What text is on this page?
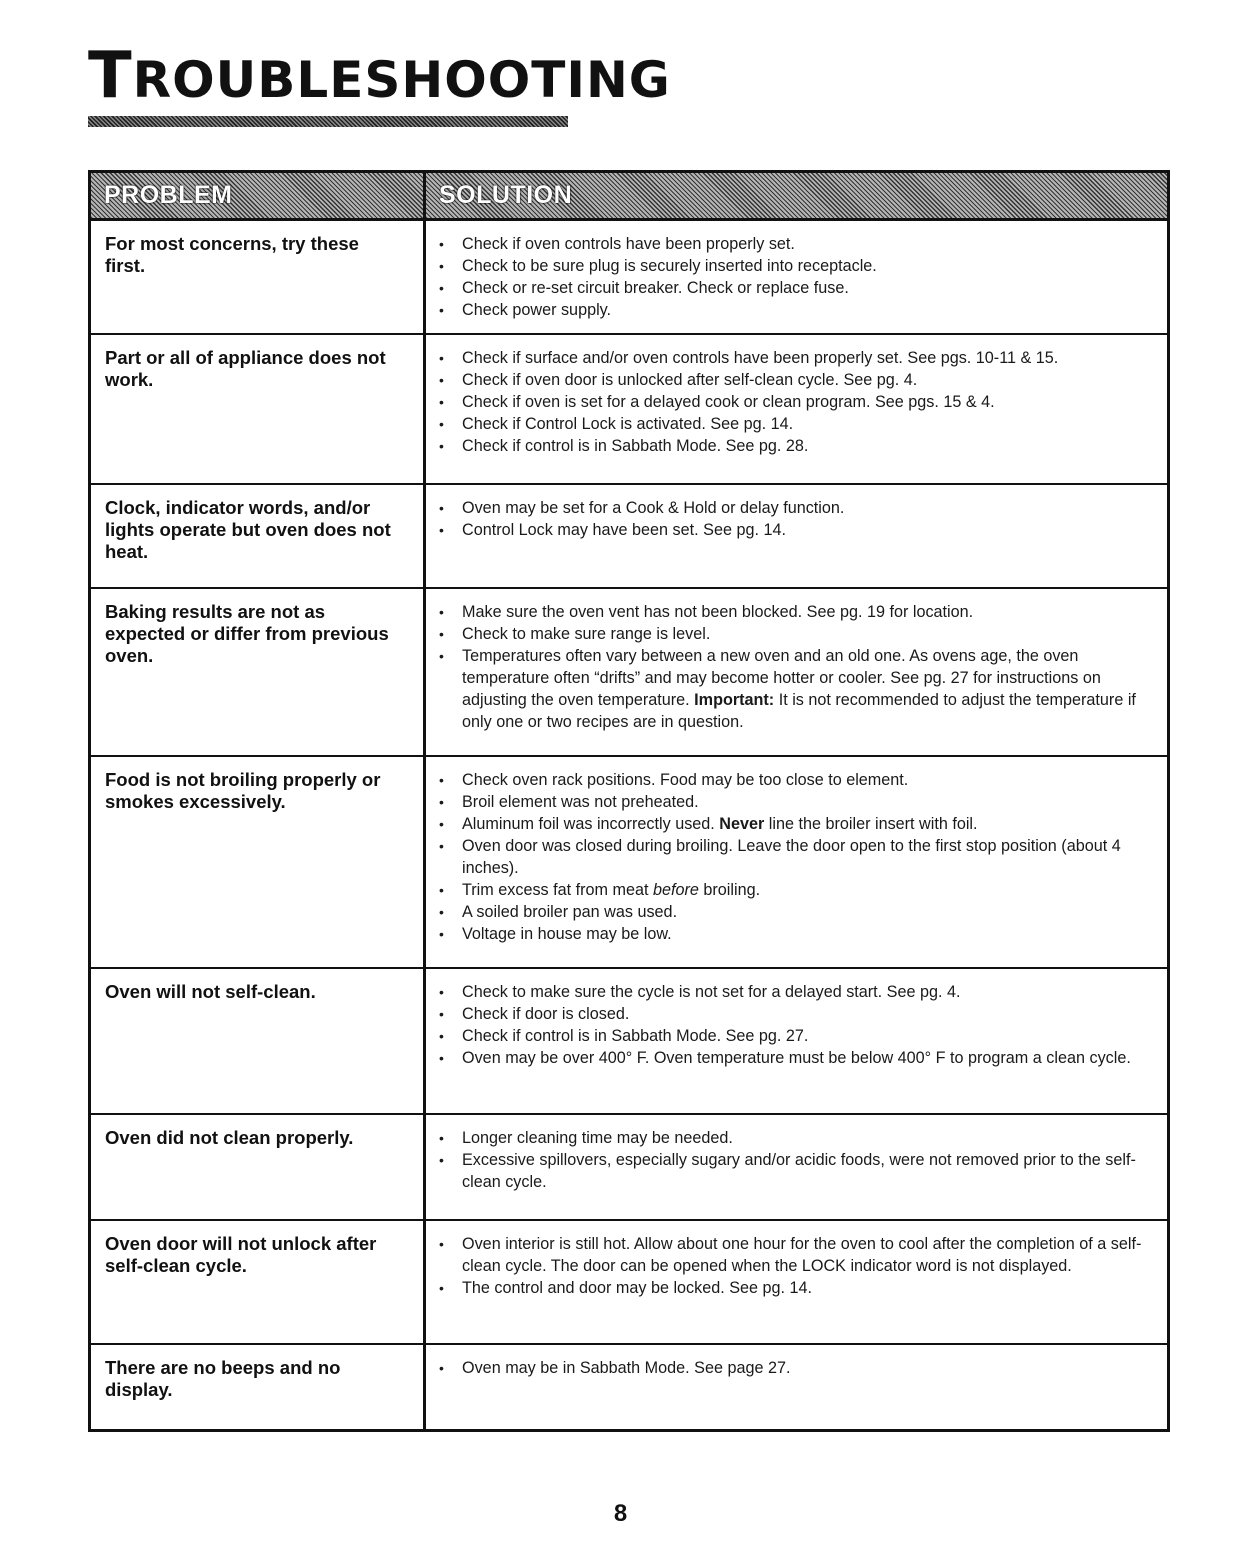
TROUBLESHOOTING
PROBLEM	SOLUTION
For most concerns, try these first.
• Check if oven controls have been properly set.
• Check to be sure plug is securely inserted into receptacle.
• Check or re-set circuit breaker. Check or replace fuse.
• Check power supply.
Part or all of appliance does not work.
• Check if surface and/or oven controls have been properly set. See pgs. 10-11 & 15.
• Check if oven door is unlocked after self-clean cycle. See pg. 4.
• Check if oven is set for a delayed cook or clean program. See pgs. 15 & 4.
• Check if Control Lock is activated. See pg. 14.
• Check if control is in Sabbath Mode. See pg. 28.
Clock, indicator words, and/or lights operate but oven does not heat.
• Oven may be set for a Cook & Hold or delay function.
• Control Lock may have been set. See pg. 14.
Baking results are not as expected or differ from previous oven.
• Make sure the oven vent has not been blocked. See pg. 19 for location.
• Check to make sure range is level.
• Temperatures often vary between a new oven and an old one. As ovens age, the oven temperature often “drifts” and may become hotter or cooler. See pg. 27 for instructions on adjusting the oven temperature. Important: It is not recommended to adjust the temperature if only one or two recipes are in question.
Food is not broiling properly or smokes excessively.
• Check oven rack positions. Food may be too close to element.
• Broil element was not preheated.
• Aluminum foil was incorrectly used. Never line the broiler insert with foil.
• Oven door was closed during broiling. Leave the door open to the first stop position (about 4 inches).
• Trim excess fat from meat before broiling.
• A soiled broiler pan was used.
• Voltage in house may be low.
Oven will not self-clean.	• Check to make sure the cycle is not set for a delayed start. See pg. 4.
• Check if door is closed.
• Check if control is in Sabbath Mode. See pg. 27.
• Oven may be over 400° F. Oven temperature must be below 400° F to program a clean cycle.
Oven did not clean properly.	• Longer cleaning time may be needed.
• Excessive spillovers, especially sugary and/or acidic foods, were not removed prior to the self-clean cycle.
Oven door will not unlock after self-clean cycle.
• Oven interior is still hot. Allow about one hour for the oven to cool after the completion of a self-clean cycle. The door can be opened when the LOCK indicator word is not displayed.
• The control and door may be locked. See pg. 14.
There are no beeps and no display.
• Oven may be in Sabbath Mode. See page 27.
8
